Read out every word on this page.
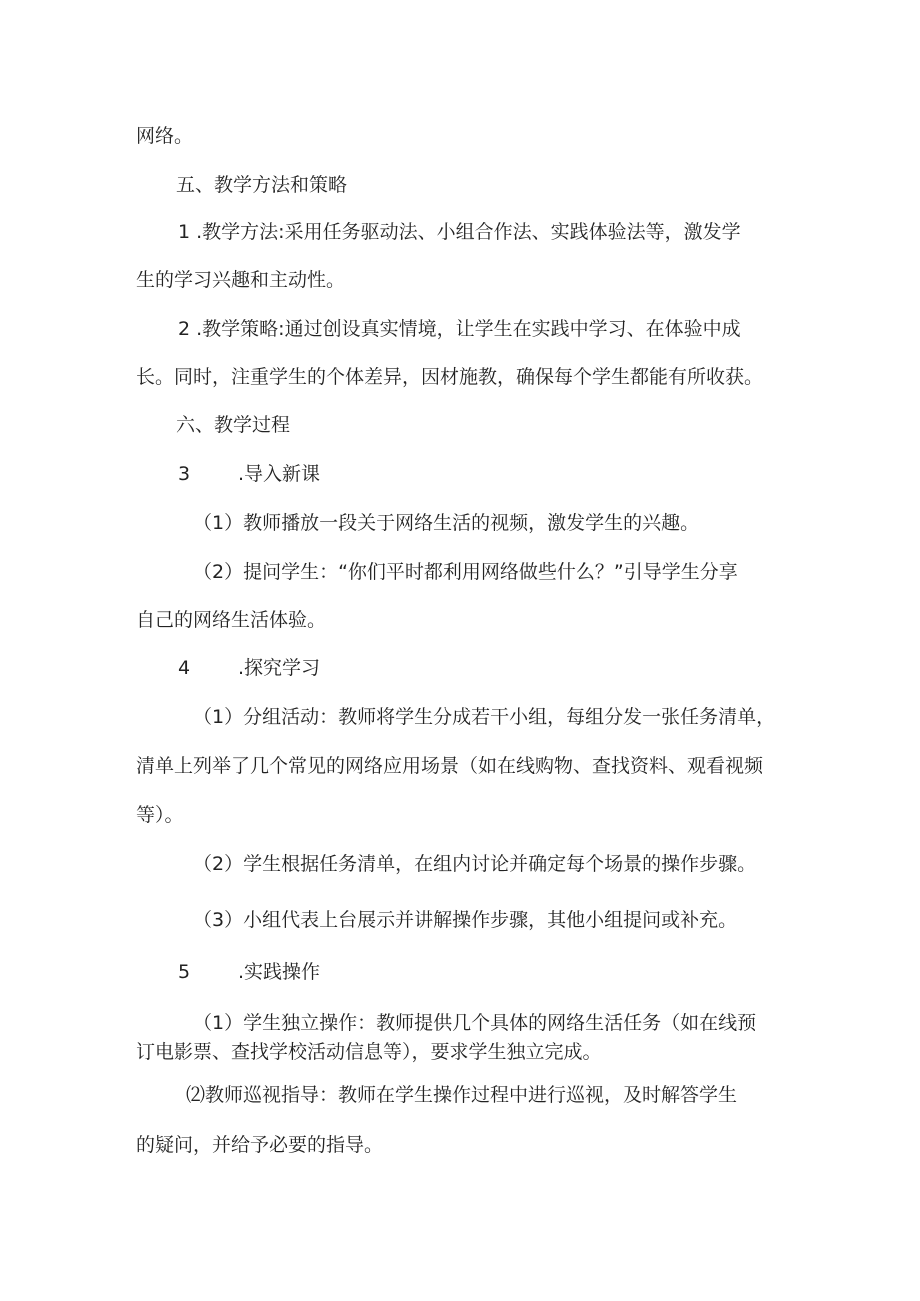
网络。
五、教学方法和策略
1 .教学方法:采用任务驱动法、小组合作法、实践体验法等，激发学
生的学习兴趣和主动性。
2 .教学策略:通过创设真实情境，让学生在实践中学习、在体验中成
长。同时，注重学生的个体差异，因材施教，确保每个学生都能有所收获。
六、教学过程
3	.导入新课
（1）教师播放一段关于网络生活的视频，激发学生的兴趣。
（2）提问学生：“你们平时都利用网络做些什么？”引导学生分享
自己的网络生活体验。
4	.探究学习
（1）分组活动：教师将学生分成若干小组，每组分发一张任务清单，
清单上列举了几个常见的网络应用场景（如在线购物、查找资料、观看视频
等）。
（2）学生根据任务清单，在组内讨论并确定每个场景的操作步骤。
（3）小组代表上台展示并讲解操作步骤，其他小组提问或补充。
5	.实践操作
（1）学生独立操作：教师提供几个具体的网络生活任务（如在线预
订电影票、查找学校活动信息等），要求学生独立完成。
⑵教师巡视指导：教师在学生操作过程中进行巡视，及时解答学生
的疑问，并给予必要的指导。
